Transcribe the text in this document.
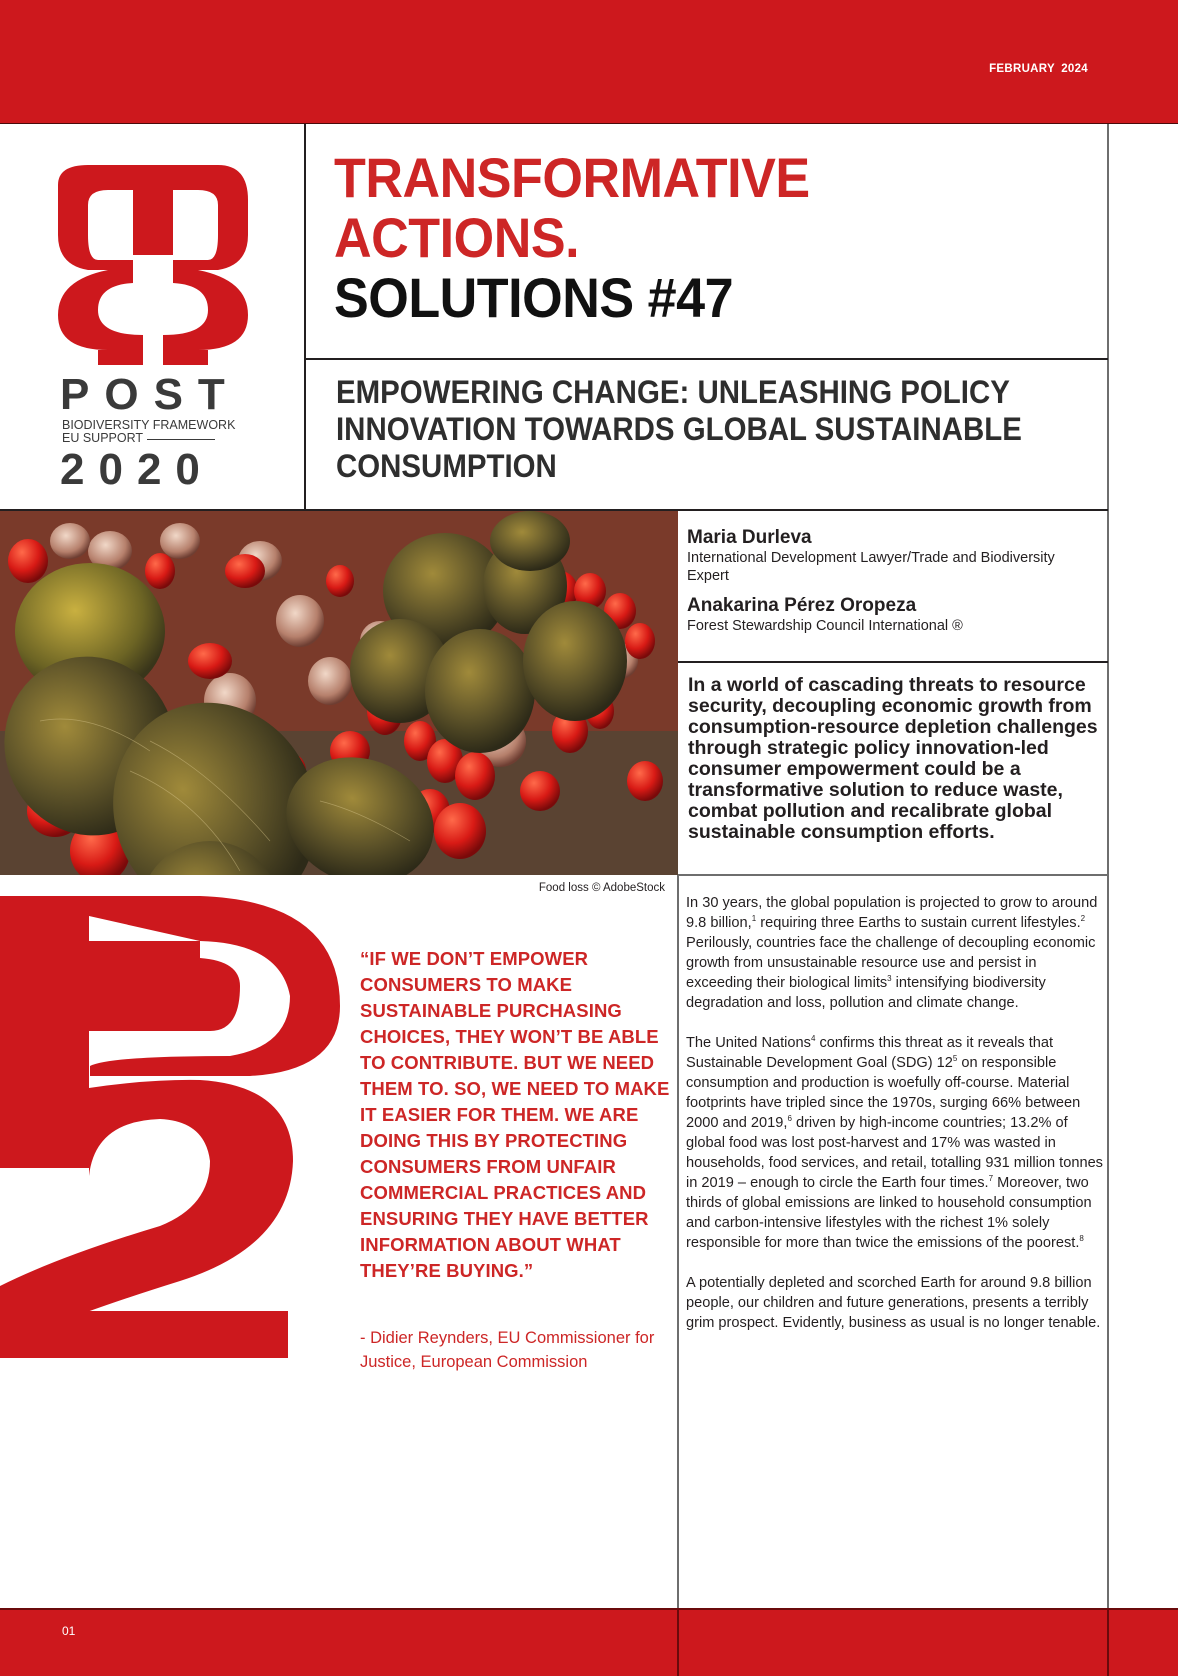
FEBRUARY 2024
POST
BIODIVERSITY FRAMEWORK
EU SUPPORT
2020
TRANSFORMATIVE
ACTIONS.
SOLUTIONS #47
EMPOWERING CHANGE: UNLEASHING POLICY INNOVATION TOWARDS GLOBAL SUSTAINABLE CONSUMPTION
Food loss © AdobeStock
Maria Durleva
International Development Lawyer/Trade and Biodiversity Expert
Anakarina Pérez Oropeza
Forest Stewardship Council International ®

In a world of cascading threats to resource security, decoupling economic growth from consumption-resource depletion challenges through strategic policy innovation-led consumer empowerment could be a transformative solution to reduce waste, combat pollution and recalibrate global sustainable consumption efforts.

In 30 years, the global population is projected to grow to around 9.8 billion,$^1$ requiring three Earths to sustain current lifestyles.$^2$ Perilously, countries face the challenge of decoupling economic growth from unsustainable resource use and persist in exceeding their biological limits$^3$ intensifying biodiversity degradation and loss, pollution and climate change.

The United Nations$^4$ confirms this threat as it reveals that Sustainable Development Goal (SDG) $12^5$ on responsible consumption and production is woefully off-course. Material footprints have tripled since the 1970s, surging 66% between 2000 and 2019,$^6$ driven by high-income countries; 13.2% of global food was lost post-harvest and 17% was wasted in households, food services, and retail, totalling 931 million tonnes in 2019 – enough to circle the Earth four times.$^7$ Moreover, two thirds of global emissions are linked to household consumption and carbon-intensive lifestyles with the richest 1% solely responsible for more than twice the emissions of the poorest.$^8$

A potentially depleted and scorched Earth for around 9.8 billion people, our children and future generations, presents a terribly grim prospect. Evidently, business as usual is no longer tenable.

“IF WE DON’T EMPOWER CONSUMERS TO MAKE SUSTAINABLE PURCHASING CHOICES, THEY WON’T BE ABLE TO CONTRIBUTE. BUT WE NEED THEM TO. SO, WE NEED TO MAKE IT EASIER FOR THEM. WE ARE DOING THIS BY PROTECTING CONSUMERS FROM UNFAIR COMMERCIAL PRACTICES AND ENSURING THEY HAVE BETTER INFORMATION ABOUT WHAT THEY’RE BUYING.”
- Didier Reynders, EU Commissioner for Justice, European Commission
01
